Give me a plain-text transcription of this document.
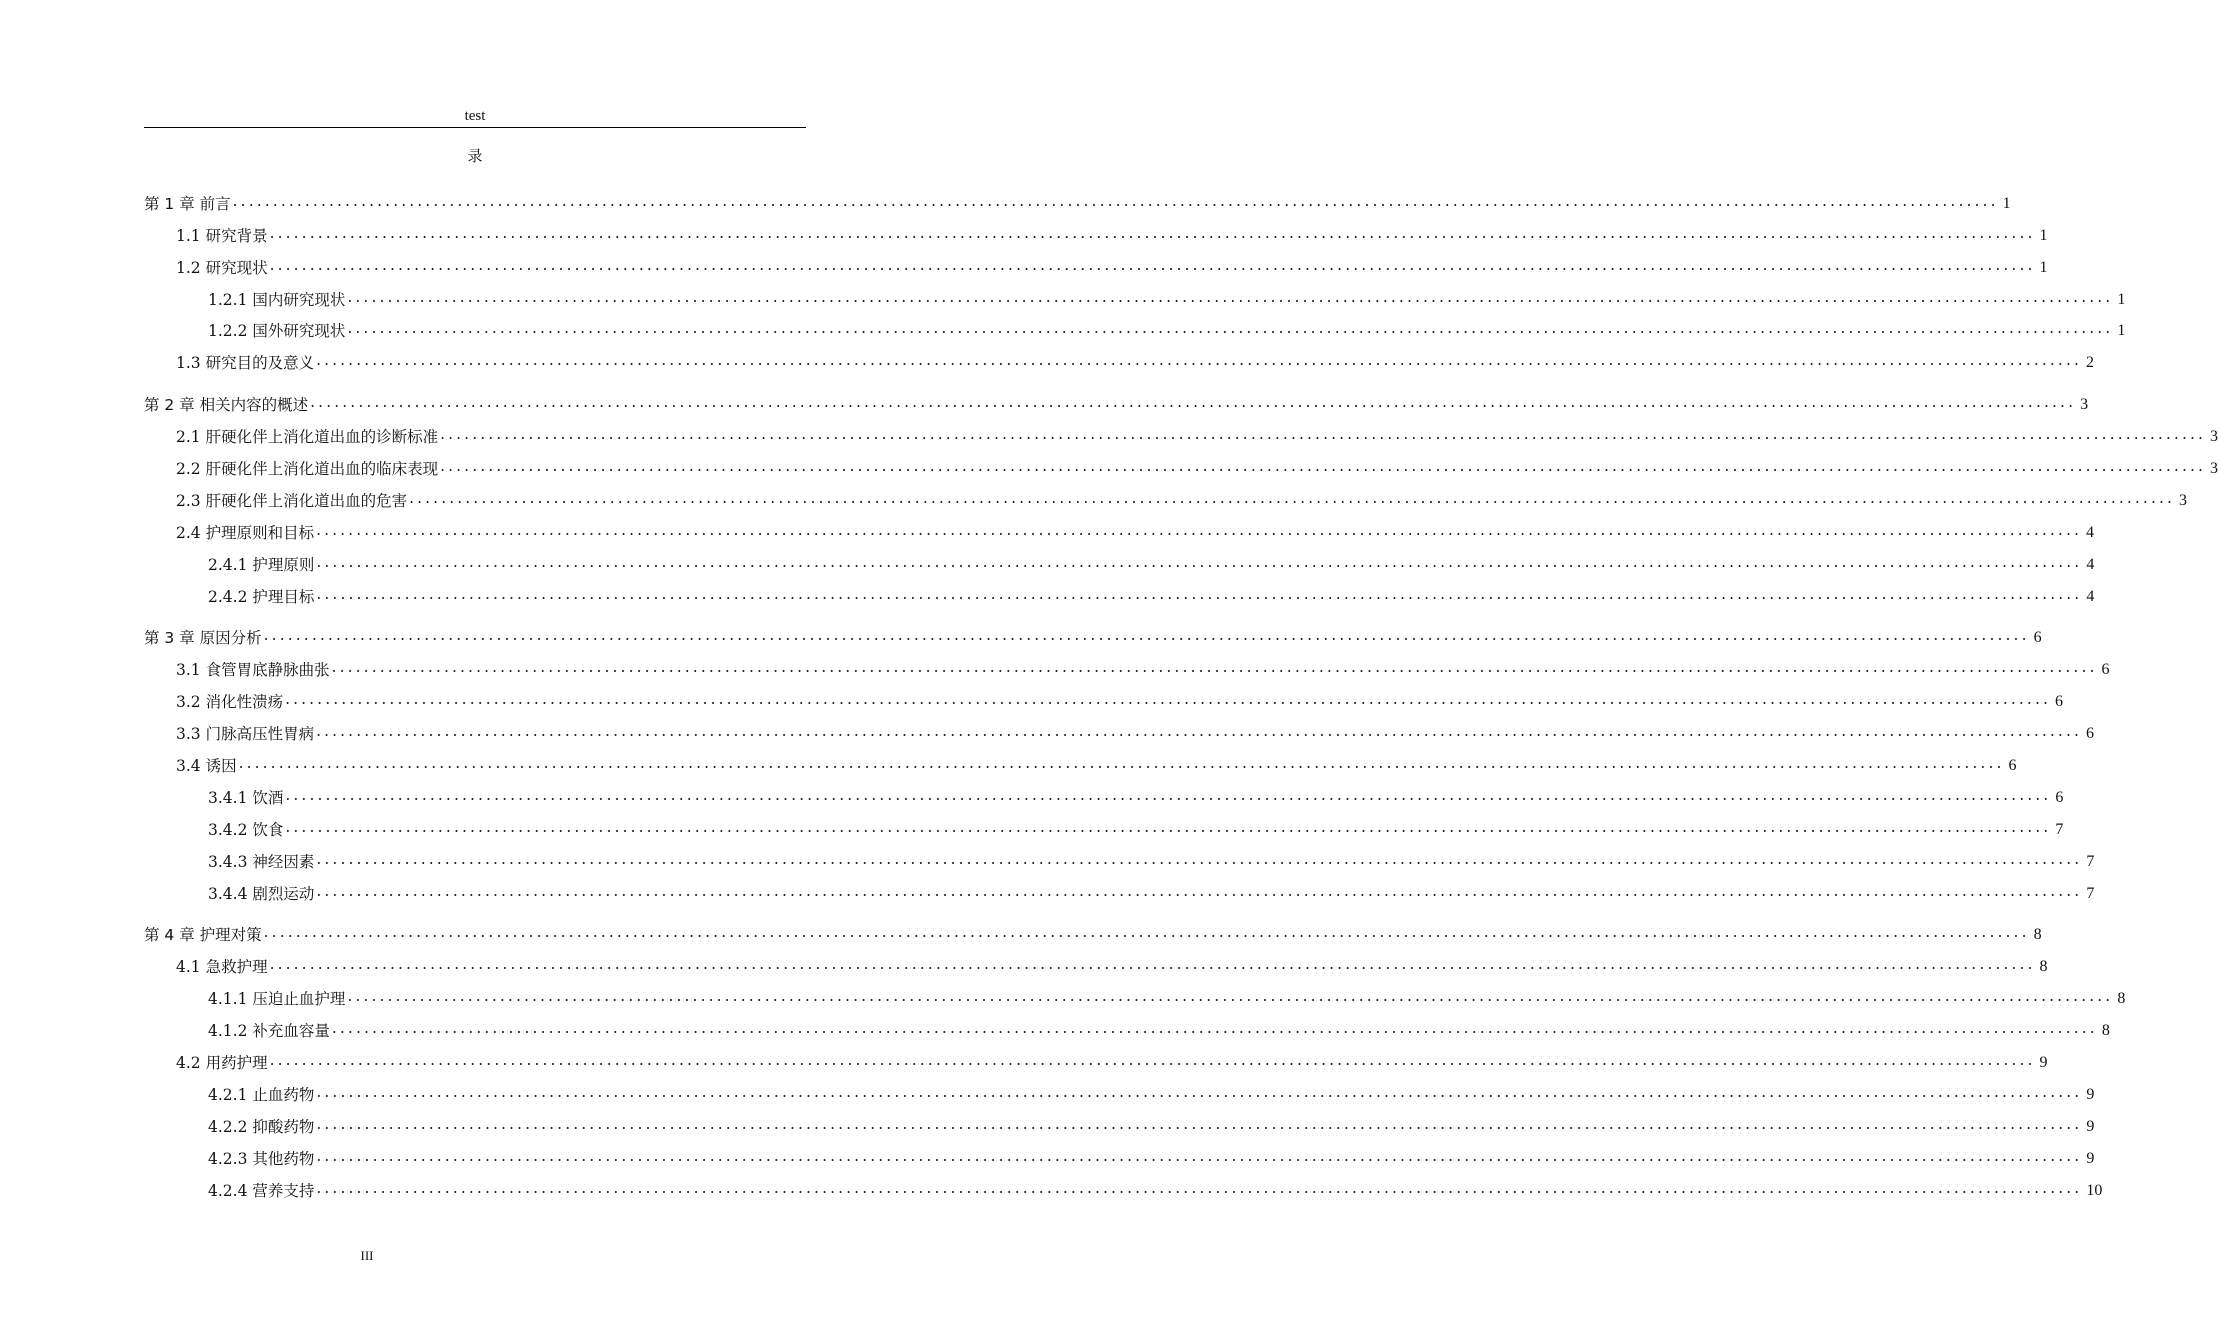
test
录
第 1 章 前言 ............................................................................................................................................................................................................................ 1
1.1 研究背景 ............................................................................................................................................................................................................................ 1
1.2 研究现状 ............................................................................................................................................................................................................................ 1
1.2.1 国内研究现状 ............................................................................................................................................................................................................................ 1
1.2.2 国外研究现状 ............................................................................................................................................................................................................................ 1
1.3 研究目的及意义 ............................................................................................................................................................................................................................ 2
第 2 章 相关内容的概述 ............................................................................................................................................................................................................................ 3
2.1 肝硬化伴上消化道出血的诊断标准 ............................................................................................................................................................................................................................ 3
2.2 肝硬化伴上消化道出血的临床表现 ............................................................................................................................................................................................................................ 3
2.3 肝硬化伴上消化道出血的危害 ............................................................................................................................................................................................................................ 3
2.4 护理原则和目标 ............................................................................................................................................................................................................................ 4
2.4.1 护理原则 ............................................................................................................................................................................................................................ 4
2.4.2 护理目标 ............................................................................................................................................................................................................................ 4
第 3 章 原因分析 ............................................................................................................................................................................................................................ 6
3.1 食管胃底静脉曲张 ............................................................................................................................................................................................................................ 6
3.2 消化性溃疡 ............................................................................................................................................................................................................................ 6
3.3 门脉高压性胃病 ............................................................................................................................................................................................................................ 6
3.4 诱因 ............................................................................................................................................................................................................................ 6
3.4.1 饮酒 ............................................................................................................................................................................................................................ 6
3.4.2 饮食 ............................................................................................................................................................................................................................ 7
3.4.3 神经因素 ............................................................................................................................................................................................................................ 7
3.4.4 剧烈运动 ............................................................................................................................................................................................................................ 7
第 4 章 护理对策 ............................................................................................................................................................................................................................ 8
4.1 急救护理 ............................................................................................................................................................................................................................ 8
4.1.1 压迫止血护理 ............................................................................................................................................................................................................................ 8
4.1.2 补充血容量 ............................................................................................................................................................................................................................ 8
4.2 用药护理 ............................................................................................................................................................................................................................ 9
4.2.1 止血药物 ............................................................................................................................................................................................................................ 9
4.2.2 抑酸药物 ............................................................................................................................................................................................................................ 9
4.2.3 其他药物 ............................................................................................................................................................................................................................ 9
4.2.4 营养支持 ............................................................................................................................................................................................................................ 10
III
